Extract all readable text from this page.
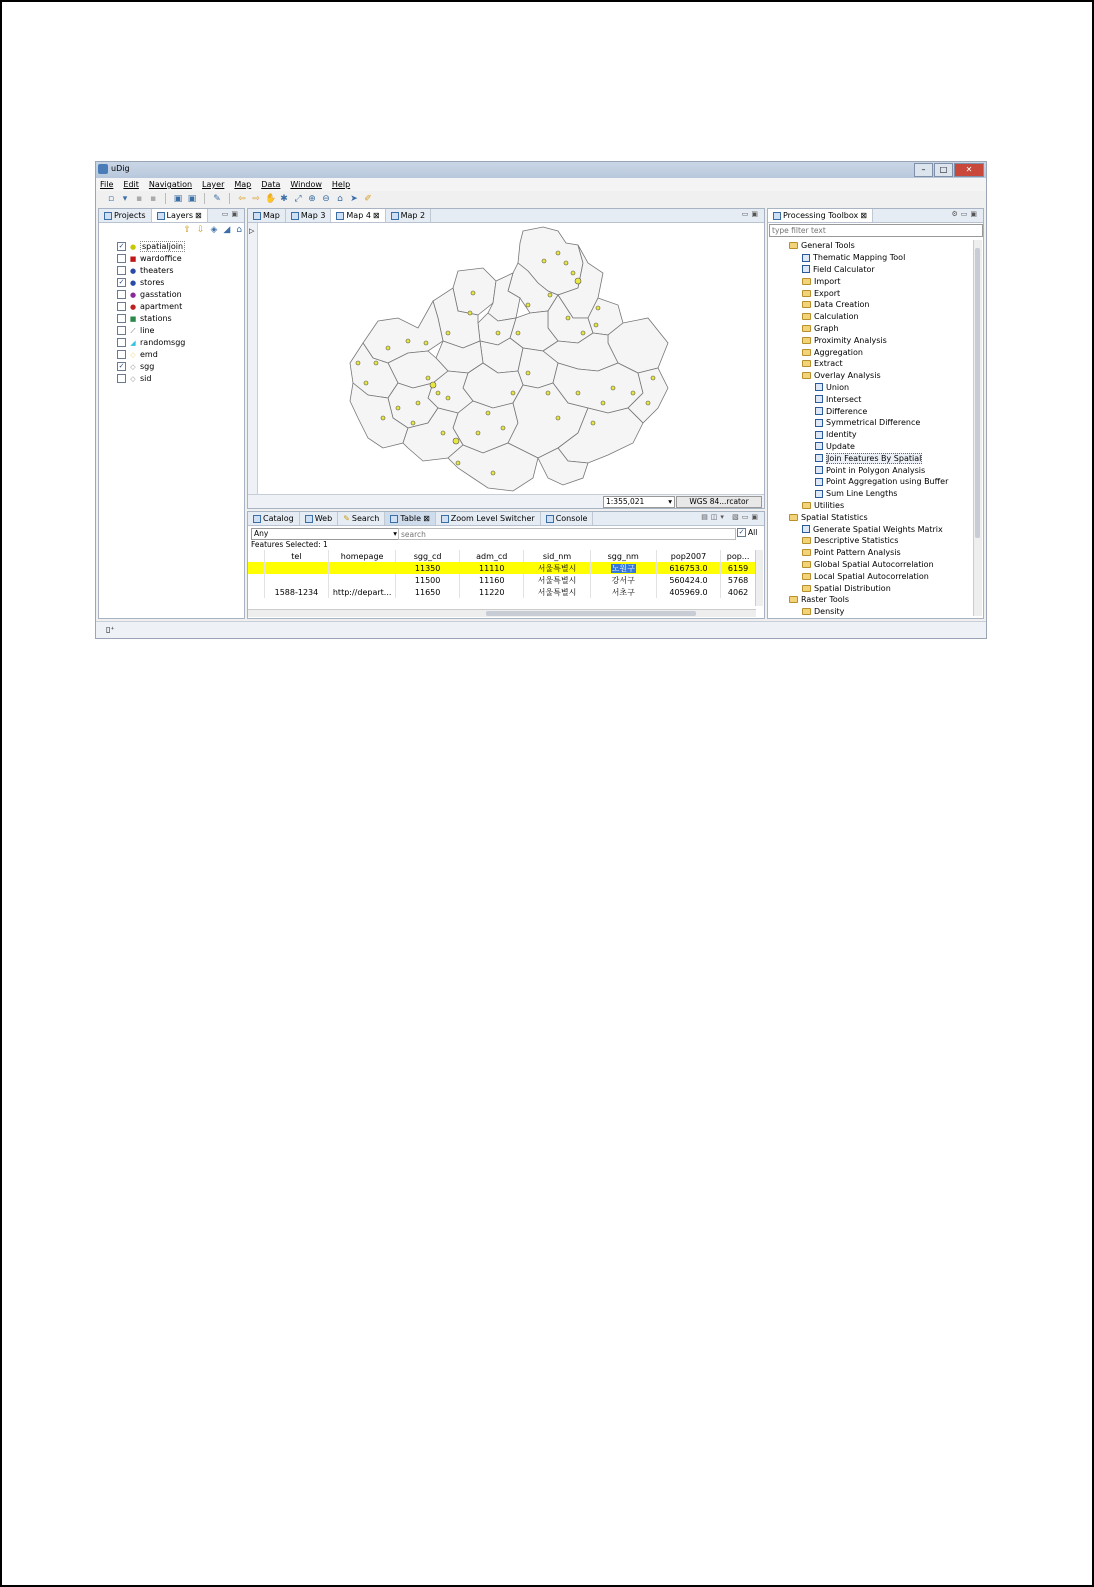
uDig	–	□	✕
File Edit Navigation Layer Map Data Window Help
▫ ▾ ▪ ▪ ▣ ▣ ✎ ⇦ ⇨ ✋ ✱ ⤢ ⊕ ⊖ ⌂ ➤ ✐
Projects	Layers ⊠	▭▣
⇧ ⇩ ◈ ◢ ⌂
✓ ● spatialjoin
■ wardoffice
● theaters
✓ ● stores
● gasstation
● apartment
■ stations
⟋ line
◢ randomsgg
◇ emd
✓ ◇ sgg
◇ sid
Map	Map 3	Map 4 ⊠	Map 2	▭▣
▷
1:355,021	▾	WGS 84...rcator
Catalog	Web ✎ Search	Table ⊠	Zoom Level Switcher	Console	▤◫▾ ▧▭▣
Any	▾
search	✓ All
Features Selected: 1
	tel	homepage	sgg_cd	adm_cd	sid_nm	sgg_nm	pop2007	pop...
			11350	11110	서울특별시	노원구	616753.0	6159
			11500	11160	서울특별시	강서구	560424.0	5768
	1588-1234	http://depart...	11650	11220	서울특별시	서초구	405969.0	4062
Processing Toolbox ⊠	⚙▭▣
type filter text
General Tools
Thematic Mapping Tool
Field Calculator
Import
Export
Data Creation
Calculation
Graph
Proximity Analysis
Aggregation
Extract
Overlay Analysis
Union
Intersect
Difference
Symmetrical Difference
Identity
Update
Join Features By Spatial
Point in Polygon Analysis
Point Aggregation using Buffer
Sum Line Lengths
Utilities
Spatial Statistics
Generate Spatial Weights Matrix
Descriptive Statistics
Point Pattern Analysis
Global Spatial Autocorrelation
Local Spatial Autocorrelation
Spatial Distribution
Raster Tools
Density
▯⁺
